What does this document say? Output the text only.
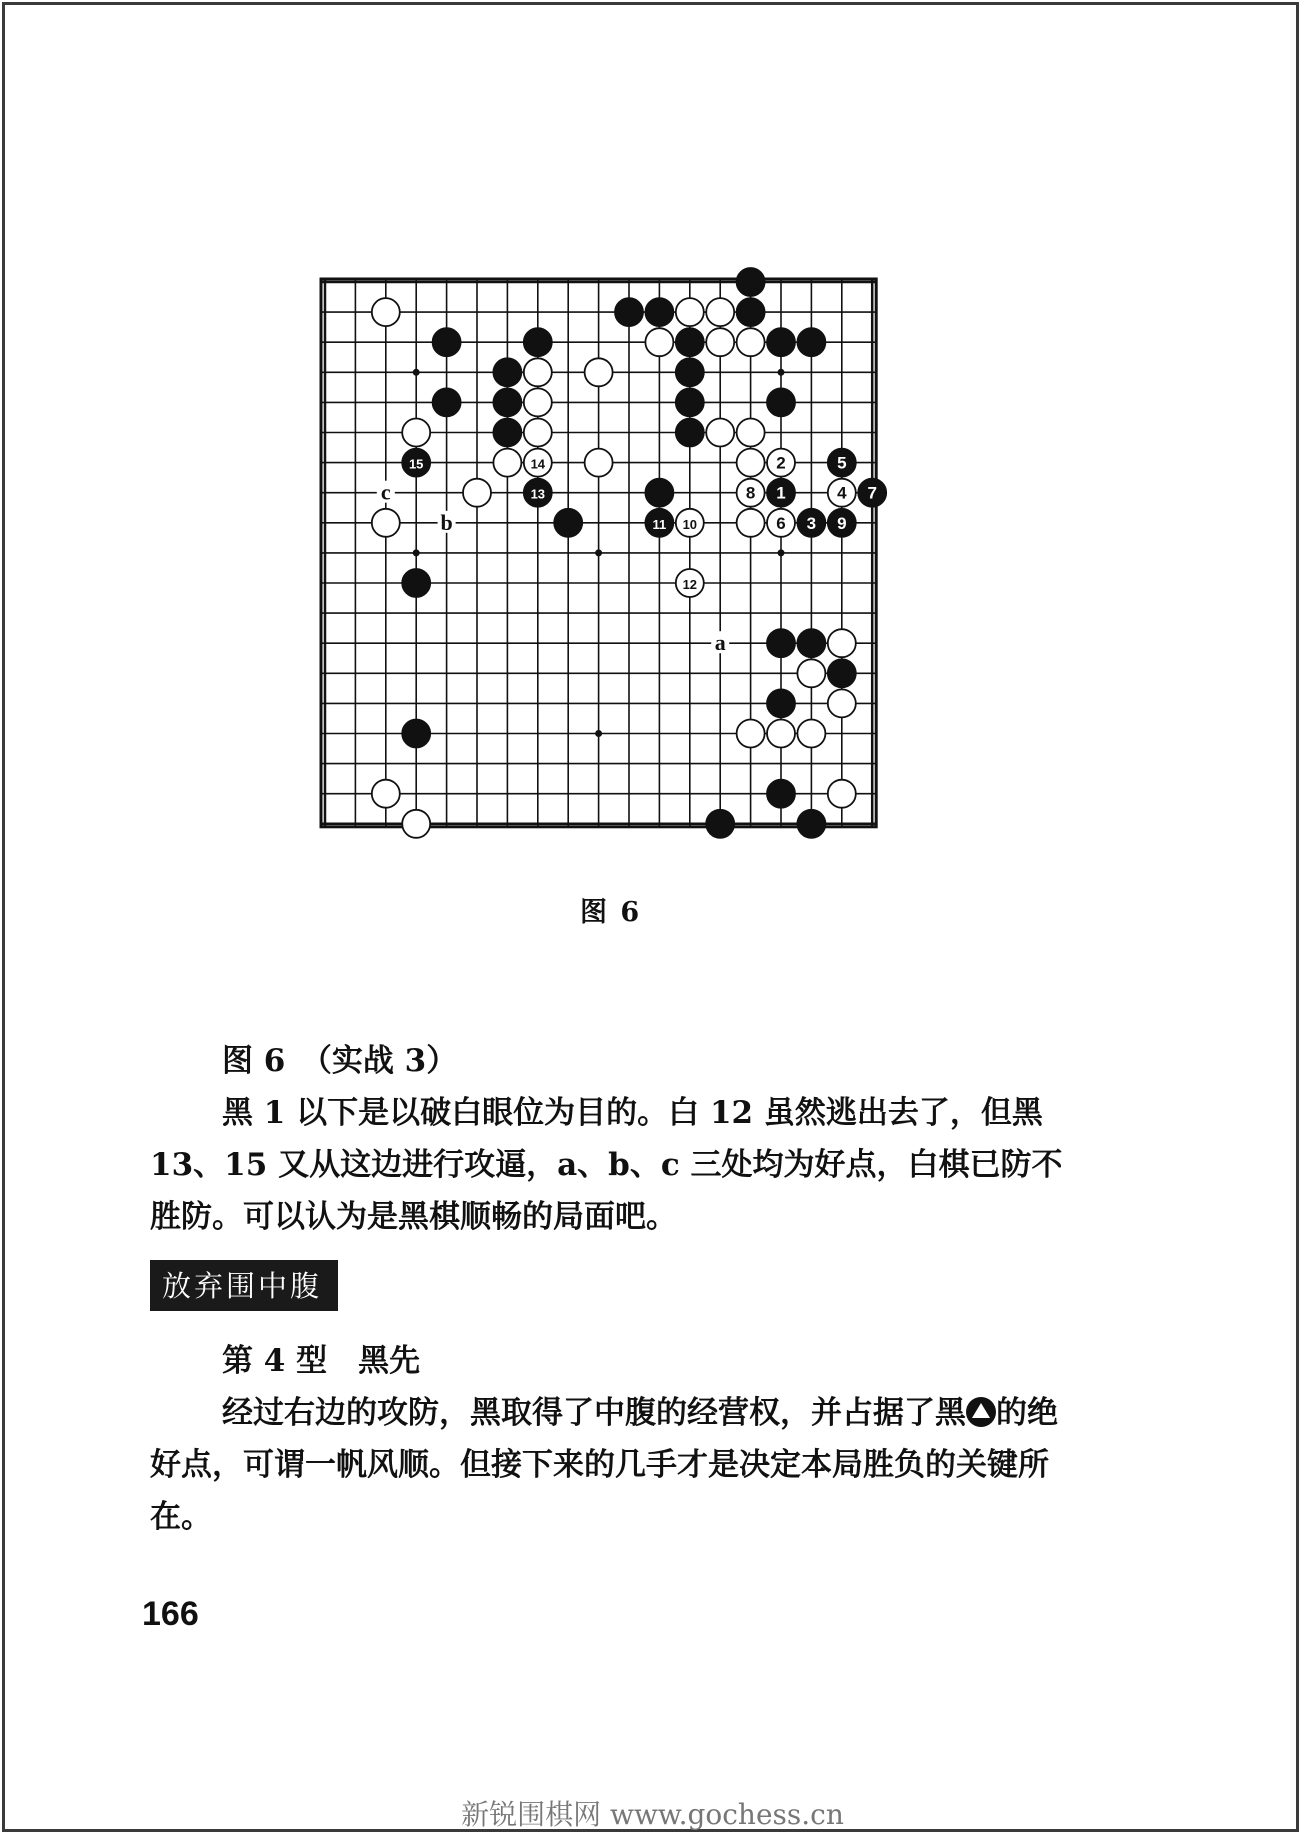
1
2
3
4
5
6
7
8
9
10
11
12
13
14
15
a
b
c
图 6

图 6　（实战 3）

黑 1 以下是以破白眼位为目的。白 12 虽然逃出去了，但黑 13、15 又从这边进行攻逼，a、b、c 三处均为好点，白棋已防不胜防。可以认为是黑棋顺畅的局面吧。

放弃围中腹

第 4 型　黑先

经过右边的攻防，黑取得了中腹的经营权，并占据了黑 的绝好点，可谓一帆风顺。但接下来的几手才是决定本局胜负的关键所在。

166
新锐围棋网 www.gochess.cn
